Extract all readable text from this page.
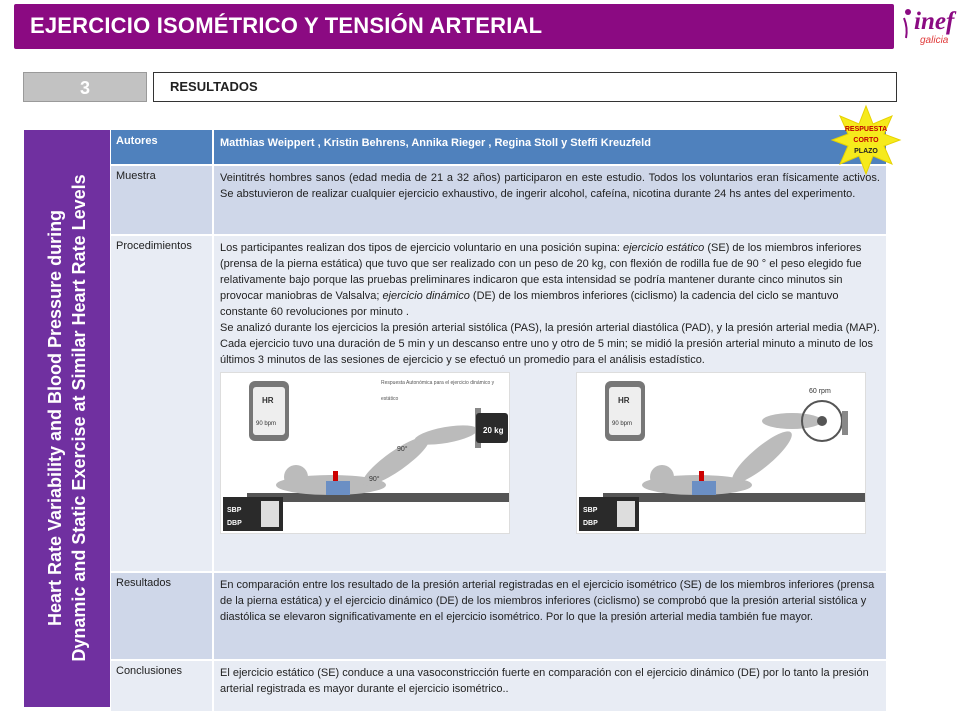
EJERCICIO ISOMÉTRICO Y TENSIÓN ARTERIAL	inef
galicia
3	RESULTADOS
Heart Rate Variability and Blood Pressure during Dynamic and Static Exercise at Similar Heart Rate Levels
Autores	Matthias Weippert , Kristin Behrens, Annika Rieger , Regina Stoll y Steffi Kreuzfeld
Muestra	Veintitrés hombres sanos (edad media de 21 a 32 años) participaron en este estudio. Todos los voluntarios eran físicamente activos. Se abstuvieron de realizar cualquier ejercicio exhaustivo, de ingerir alcohol, cafeína, nicotina durante 24 hs antes del experimento.
Procedimientos	Los participantes realizan dos tipos de ejercicio voluntario en una posición supina: ejercicio estático (SE) de los miembros inferiores (prensa de la pierna estática) que tuvo que ser realizado con un peso de 20 kg, con flexión de rodilla fue de 90 ° el peso elegido fue relativamente bajo porque las pruebas preliminares indicaron que esta intensidad se podría mantener durante cinco minutos sin provocar maniobras de Valsalva; ejercicio dinámico (DE) de los miembros inferiores (ciclismo) la cadencia del ciclo se mantuvo constante 60 revoluciones por minuto .
Se analizó durante los ejercicios la presión arterial sistólica (PAS), la presión arterial diastólica (PAD), y la presión arterial media (MAP). Cada ejercicio tuvo una duración de 5 min y un descanso entre uno y otro de 5 min; se midió la presión arterial minuto a minuto de los últimos 3 minutos de las sesiones de ejercicio y se efectuó un promedio para el análisis estadístico.
Respuesta Autonómica para el ejercicio dinámico y estático
HR
90 bpm
20 kg
90°
90°
SBP
DBP
HR
90 bpm
60 rpm
SBP
DBP
Resultados	En comparación entre los resultado de la presión arterial registradas en el ejercicio isométrico (SE) de los miembros inferiores (prensa de la pierna estática) y el ejercicio dinámico (DE) de los miembros inferiores (ciclismo) se comprobó que la presión arterial sistólica y diastólica se elevaron significativamente en el ejercicio isométrico. Por lo que la presión arterial media también fue mayor.
Conclusiones	El ejercicio estático (SE) conduce a una vasoconstricción fuerte en comparación con el ejercicio dinámico (DE) por lo tanto la presión arterial registrada es mayor durante el ejercicio isométrico..
RESPUESTA
CORTO
PLAZO
